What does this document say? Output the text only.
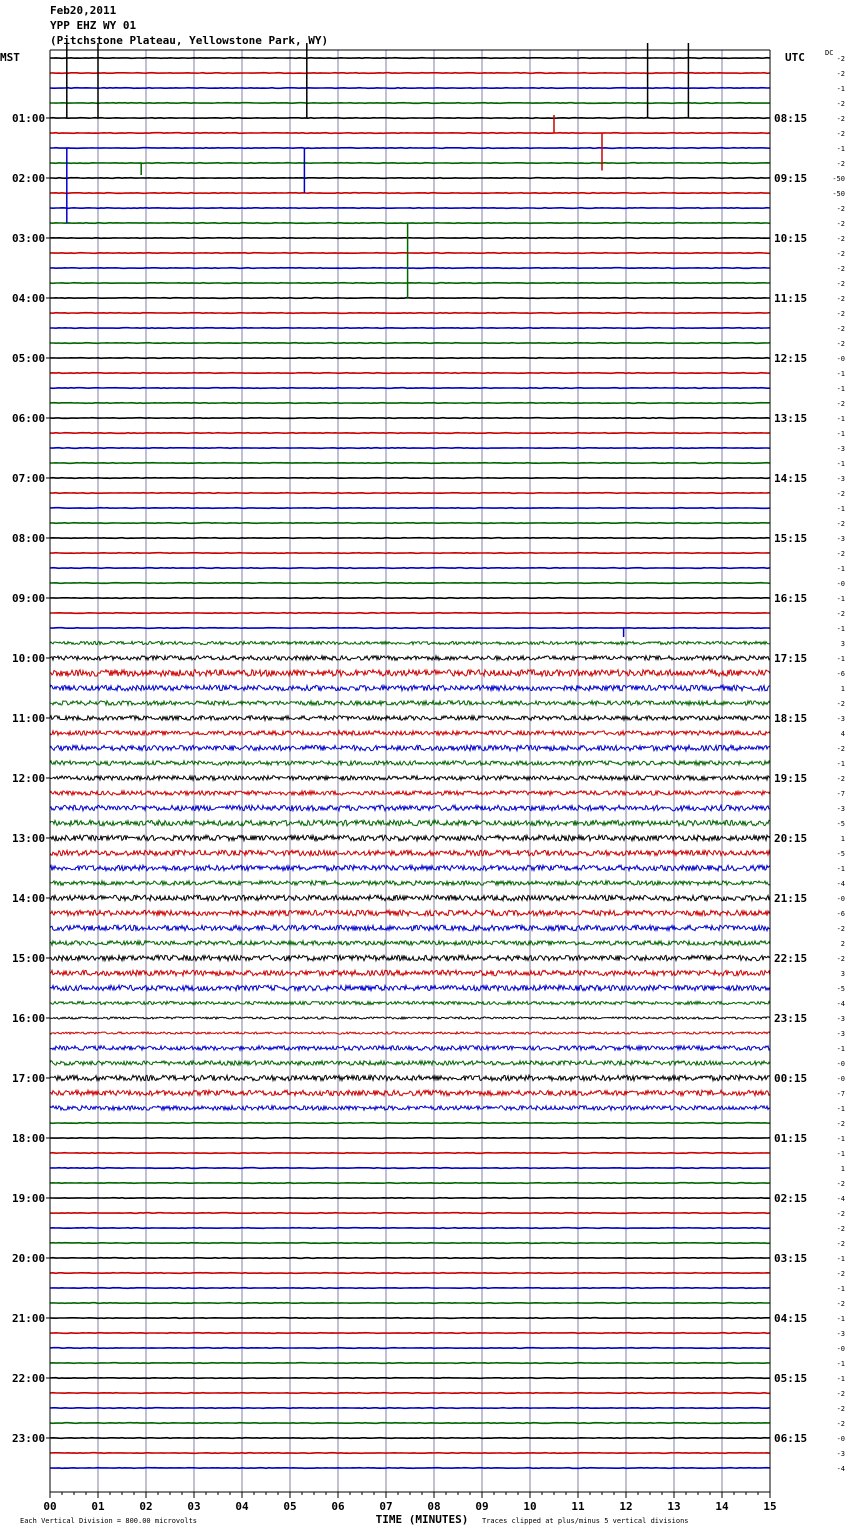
Feb20,2011
YPP EHZ WY 01
(Pitchstone Plateau, Yellowstone Park, WY)
01:00
02:00
03:00
04:00
05:00
06:00
07:00
08:00
09:00
10:00
11:00
12:00
13:00
14:00
15:00
16:00
17:00
18:00
19:00
20:00
21:00
22:00
23:00
08:15
09:15
10:15
11:15
12:15
13:15
14:15
15:15
16:15
17:15
18:15
19:15
20:15
21:15
22:15
23:15
00:15
01:15
02:15
03:15
04:15
05:15
06:15
MST	UTC	DC
-2
-2
-1
-2
-2
-2
-1
-2
-50
-50
-2
-2
-2
-2
-2
-2
-2
-2
-2
-2
-0
-1
-1
-2
-1
-1
-3
-1
-3
-2
-1
-2
-3
-2
-1
-0
-1
-2
-1
3
-1
-6
1
-2
-3
4
-2
-1
-2
-7
-3
-5
1
-5
-1
-4
-0
-6
-2
2
-2
3
-5
-4
-3
-3
-1
-0
-0
-7
-1
-2
-1
-1
1
-2
-4
-2
-2
-2
-1
-2
-1
-2
-1
-3
-0
-1
-1
-2
-2
-2
-0
-3
-4
00	01	02	03	04	05	06	07	08	09	10	11	12	13	14	15
TIME (MINUTES)
Each Vertical Division = 800.00 microvolts	Traces clipped at plus/minus 5 vertical divisions
